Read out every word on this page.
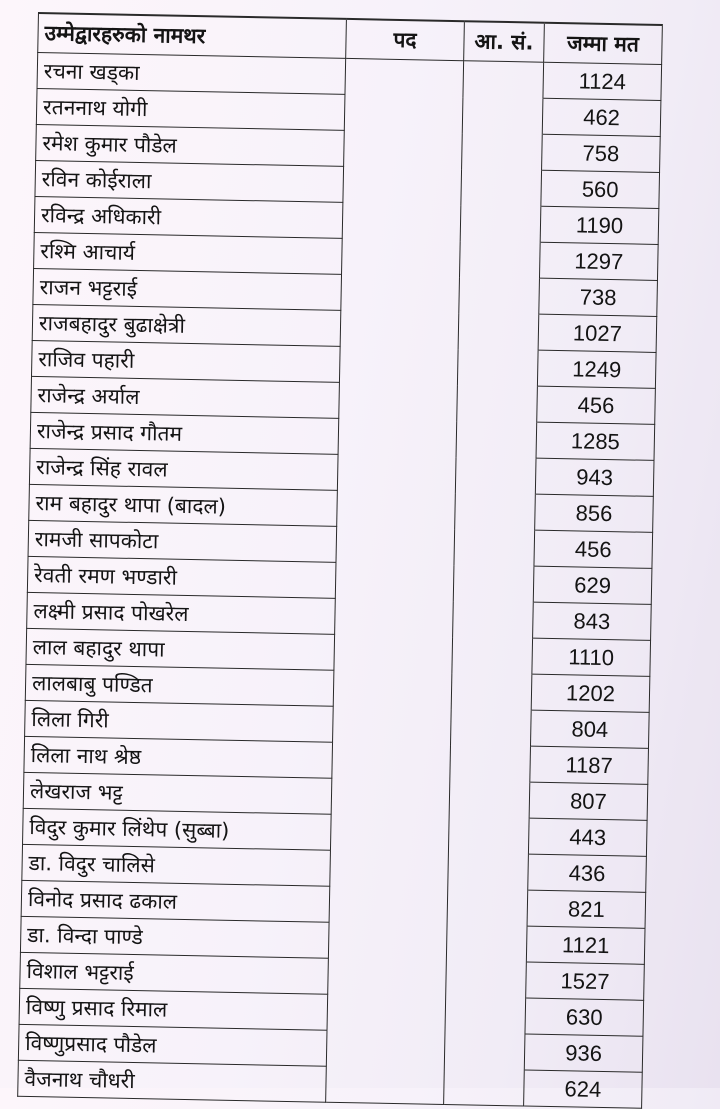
उम्मेद्वारहरुको नामथर	पद	आ. सं.	जम्मा मत
रचना खड्का			1124
रतननाथ योगी			462
रमेश कुमार पौडेल			758
रविन कोईराला			560
रविन्द्र अधिकारी			1190
रश्मि आचार्य			1297
राजन भट्टराई			738
राजबहादुर बुढाक्षेत्री			1027
राजिव पहारी			1249
राजेन्द्र अर्याल			456
राजेन्द्र प्रसाद गौतम			1285
राजेन्द्र सिंह रावल			943
राम बहादुर थापा (बादल)			856
रामजी सापकोटा			456
रेवती रमण भण्डारी			629
लक्ष्मी प्रसाद पोखरेल			843
लाल बहादुर थापा			1110
लालबाबु पण्डित			1202
लिला गिरी			804
लिला नाथ श्रेष्ठ			1187
लेखराज भट्ट			807
विदुर कुमार लिंथेप (सुब्बा)			443
डा. विदुर चालिसे			436
विनोद प्रसाद ढकाल			821
डा. विन्दा पाण्डे			1121
विशाल भट्टराई			1527
विष्णु प्रसाद रिमाल			630
विष्णुप्रसाद पौडेल			936
वैजनाथ चौधरी			624
